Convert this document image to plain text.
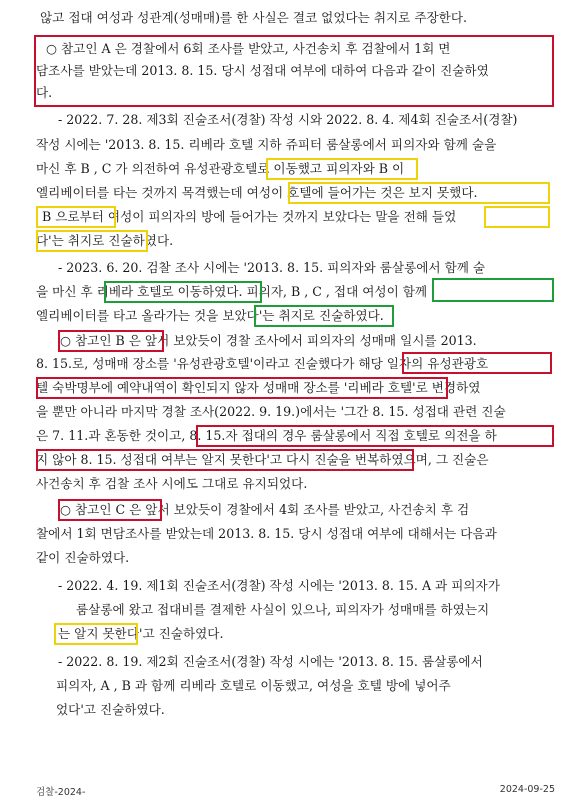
않고 접대 여성과 성관계(성매매)를 한 사실은 결코 없었다는 취지로 주장한다.
○ 참고인 A 은 경찰에서 6회 조사를 받았고, 사건송치 후 검찰에서 1회 면
담조사를 받았는데 2013. 8. 15. 당시 성접대 여부에 대하여 다음과 같이 진술하였
다.
- 2022. 7. 28. 제3회 진술조서(경찰) 작성 시와 2022. 8. 4. 제4회 진술조서(경찰)
작성 시에는 '2013. 8. 15. 리베라 호텔 지하 쥬피터 룸살롱에서 피의자와 함께 술을
마신 후 B , C 가 의전하여 유성관광호텔로 이동했고 피의자와 B 이
엘리베이터를 타는 것까지 목격했는데 여성이 호텔에 들어가는 것은 보지 못했다.
B 으로부터 여성이 피의자의 방에 들어가는 것까지 보았다는 말을 전해 들었
다'는 취지로 진술하였다.
- 2023. 6. 20. 검찰 조사 시에는 '2013. 8. 15. 피의자와 룸살롱에서 함께 술
을 마신 후 리베라 호텔로 이동하였다. 피의자, B , C , 접대 여성이 함께
엘리베이터를 타고 올라가는 것을 보았다'는 취지로 진술하였다.
○ 참고인 B 은 앞서 보았듯이 경찰 조사에서 피의자의 성매매 일시를 2013.
8. 15.로, 성매매 장소를 '유성관광호텔'이라고 진술했다가 해당 일자의 유성관광호
텔 숙박명부에 예약내역이 확인되지 않자 성매매 장소를 '리베라 호텔'로 변경하였
을 뿐만 아니라 마지막 경찰 조사(2022. 9. 19.)에서는 '그간 8. 15. 성접대 관련 진술
은 7. 11.과 혼동한 것이고, 8. 15.자 접대의 경우 룸살롱에서 직접 호텔로 의전을 하
지 않아 8. 15. 성접대 여부는 알지 못한다'고 다시 진술을 번복하였으며, 그 진술은
사건송치 후 검찰 조사 시에도 그대로 유지되었다.
○ 참고인 C 은 앞서 보았듯이 경찰에서 4회 조사를 받았고, 사건송치 후 검
찰에서 1회 면담조사를 받았는데 2013. 8. 15. 당시 성접대 여부에 대해서는 다음과
같이 진술하였다.
- 2022. 4. 19. 제1회 진술조서(경찰) 작성 시에는 '2013. 8. 15. A 과 피의자가
룸살롱에 왔고 접대비를 결제한 사실이 있으나, 피의자가 성매매를 하였는지
는 알지 못한다'고 진술하였다.
- 2022. 8. 19. 제2회 진술조서(경찰) 작성 시에는 '2013. 8. 15. 룸살롱에서
피의자, A , B 과 함께 리베라 호텔로 이동했고, 여성을 호텔 방에 넣어주
었다'고 진술하였다.
검찰-2024-	2024-09-25
